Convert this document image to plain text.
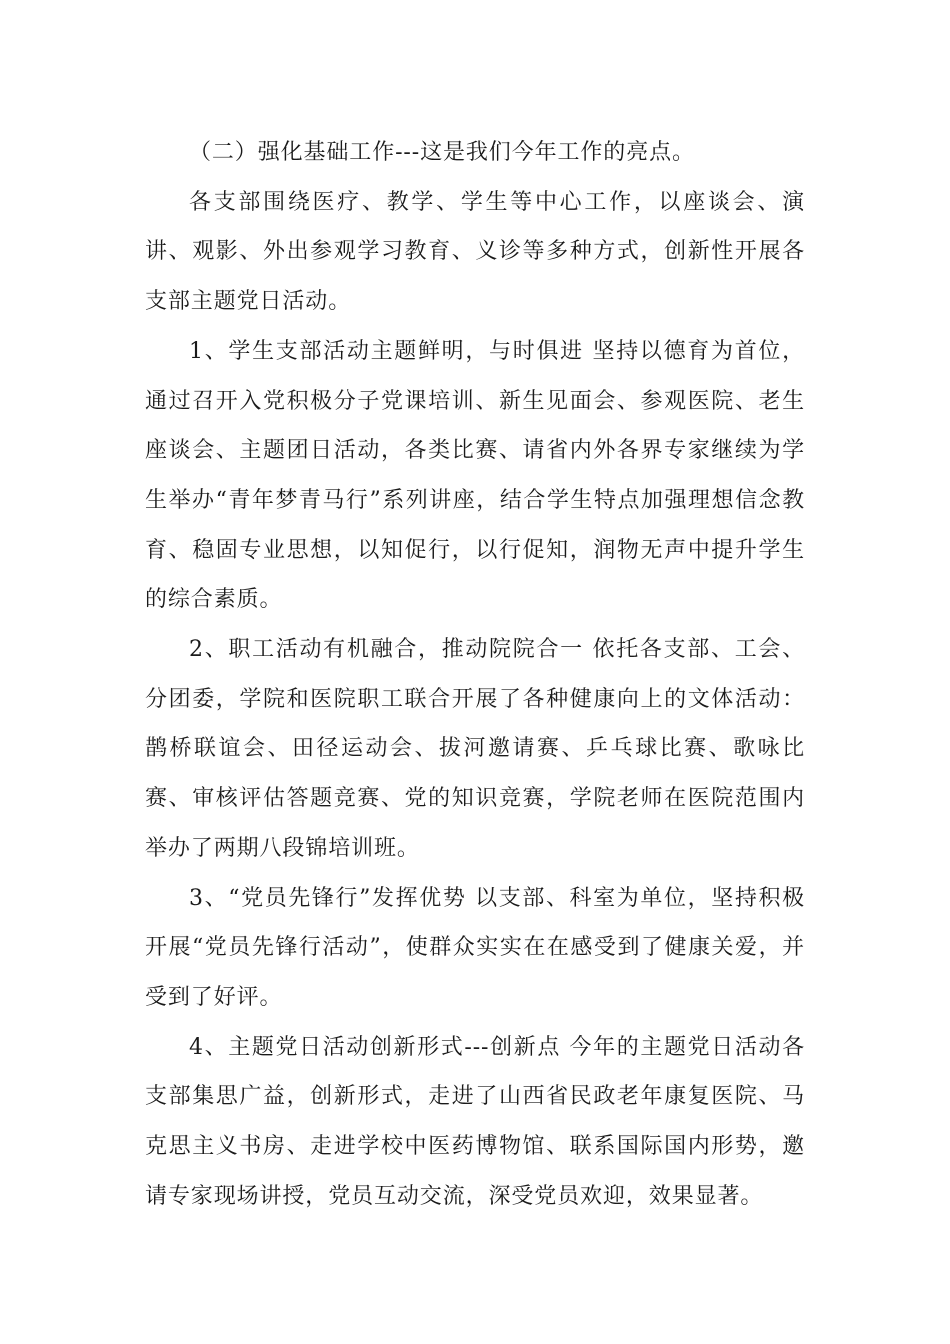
（二）强化基础工作---这是我们今年工作的亮点。

各支部围绕医疗、教学、学生等中心工作，以座谈会、演讲、观影、外出参观学习教育、义诊等多种方式，创新性开展各支部主题党日活动。

1、学生支部活动主题鲜明，与时俱进 坚持以德育为首位，通过召开入党积极分子党课培训、新生见面会、参观医院、老生座谈会、主题团日活动，各类比赛、请省内外各界专家继续为学生举办“青年梦青马行”系列讲座，结合学生特点加强理想信念教育、稳固专业思想，以知促行，以行促知，润物无声中提升学生的综合素质。

2、职工活动有机融合，推动院院合一 依托各支部、工会、分团委，学院和医院职工联合开展了各种健康向上的文体活动：鹊桥联谊会、田径运动会、拔河邀请赛、乒乓球比赛、歌咏比赛、审核评估答题竞赛、党的知识竞赛，学院老师在医院范围内举办了两期八段锦培训班。

3、“党员先锋行”发挥优势 以支部、科室为单位，坚持积极开展“党员先锋行活动”，使群众实实在在感受到了健康关爱，并受到了好评。

4、主题党日活动创新形式---创新点 今年的主题党日活动各支部集思广益，创新形式，走进了山西省民政老年康复医院、马克思主义书房、走进学校中医药博物馆、联系国际国内形势，邀请专家现场讲授，党员互动交流，深受党员欢迎，效果显著。
